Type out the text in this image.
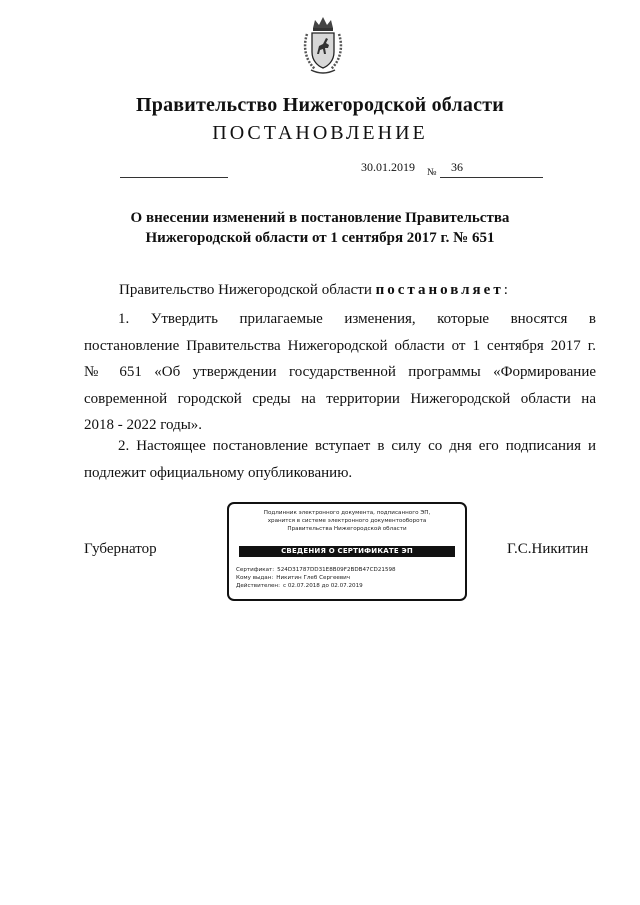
Правительство Нижегородской области
ПОСТАНОВЛЕНИЕ
30.01.2019 № 36
О внесении изменений в постановление Правительства
Нижегородской области от 1 сентября 2017 г. № 651
Правительство Нижегородской области постановляет:
1. Утвердить прилагаемые изменения, которые вносятся в
постановление Правительства Нижегородской области от 1 сентября 2017 г.
№ 651 «Об утверждении государственной программы «Формирование
современной городской среды на территории Нижегородской области на
2018 - 2022 годы».
2. Настоящее постановление вступает в силу со дня его подписания и
подлежит официальному опубликованию.
Губернатор	Г.С.Никитин
Подлинник электронного документа, подписанного ЭП,
хранится в системе электронного документооборота
Правительства Нижегородской области
СВЕДЕНИЯ О СЕРТИФИКАТЕ ЭП
Сертификат: 524D31787DD31E8B09F2BDB47CD21598
Кому выдан: Никитин Глеб Сергеевич
Действителен: с 02.07.2018 до 02.07.2019
